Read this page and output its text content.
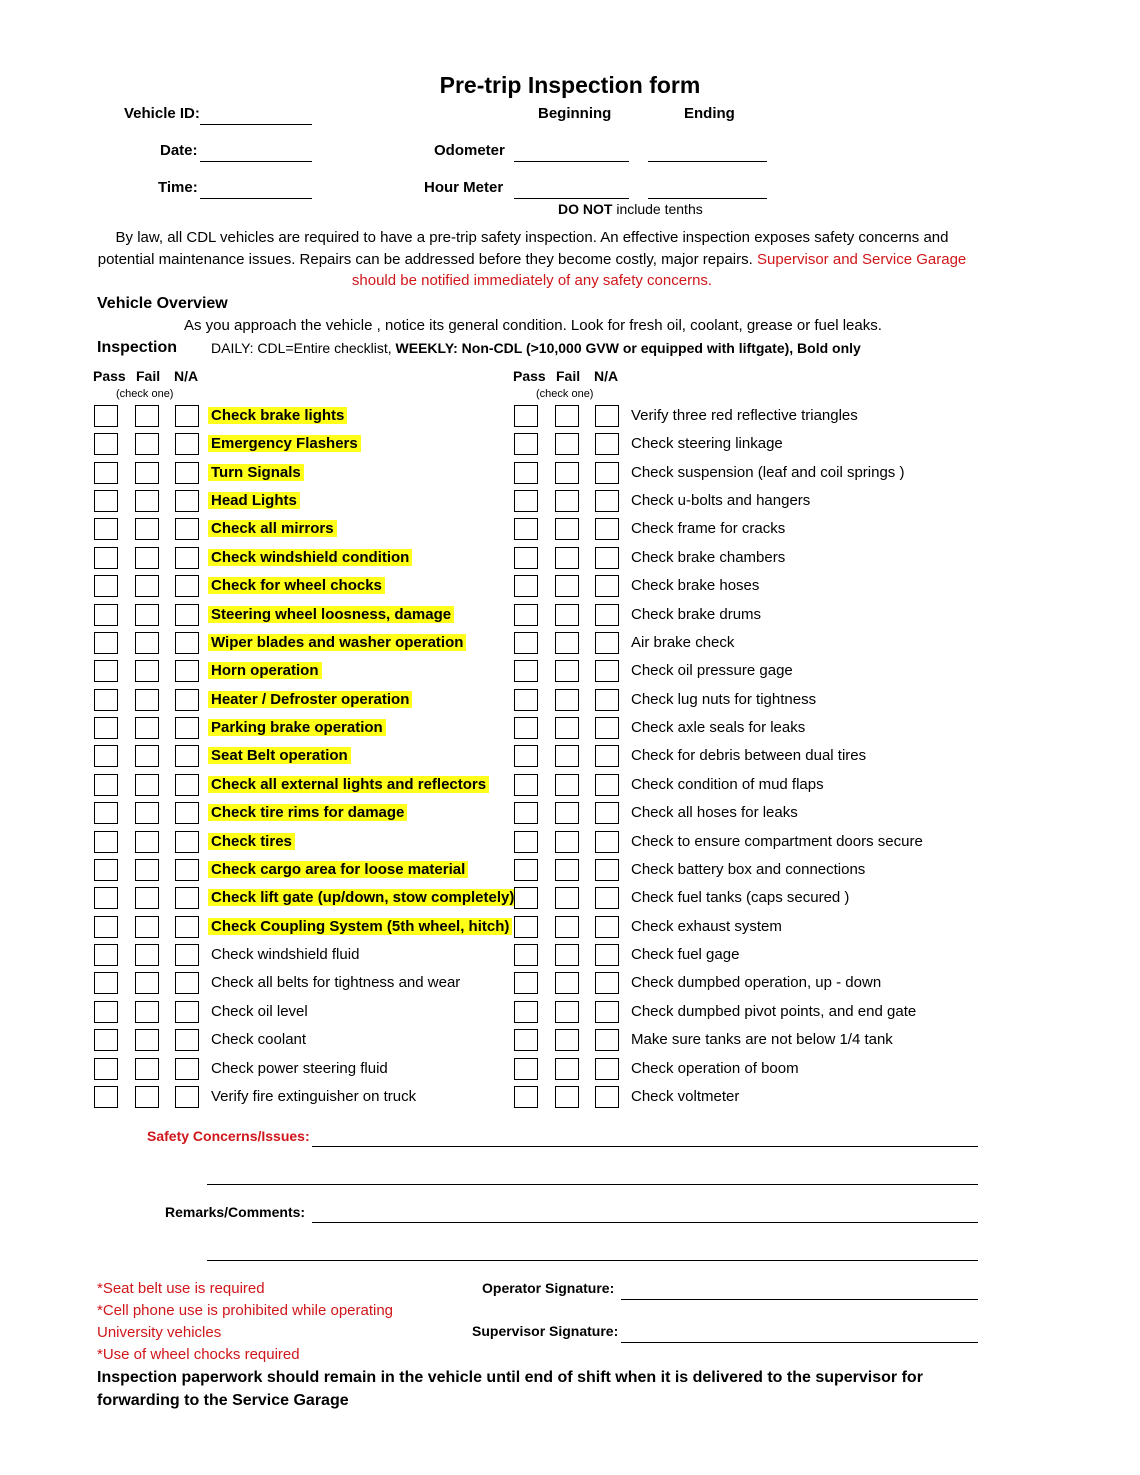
Pre-trip Inspection form
Vehicle ID:	Beginning	Ending
Date:	Odometer
Time:	Hour Meter
DO NOT include tenths
By law, all CDL vehicles are required to have a pre-trip safety inspection. An effective inspection exposes safety concerns and
potential maintenance issues. Repairs can be addressed before they become costly, major repairs. Supervisor and Service Garage
should be notified immediately of any safety concerns.
Vehicle Overview
As you approach the vehicle , notice its general condition. Look for fresh oil, coolant, grease or fuel leaks.
Inspection DAILY: CDL=Entire checklist, WEEKLY: Non-CDL (>10,000 GVW or equipped with liftgate), Bold only
Pass Fail N/A
(check one)
Pass Fail N/A
(check one)
Check brake lights
Emergency Flashers
Turn Signals
Head Lights
Check all mirrors
Check windshield condition
Check for wheel chocks
Steering wheel loosness, damage
Wiper blades and washer operation
Horn operation
Heater / Defroster operation
Parking brake operation
Seat Belt operation
Check all external lights and reflectors
Check tire rims for damage
Check tires
Check cargo area for loose material
Check lift gate (up/down, stow completely)
Check Coupling System (5th wheel, hitch)
Check windshield fluid
Check all belts for tightness and wear
Check oil level
Check coolant
Check power steering fluid
Verify fire extinguisher on truck
Verify three red reflective triangles
Check steering linkage
Check suspension (leaf and coil springs )
Check u-bolts and hangers
Check frame for cracks
Check brake chambers
Check brake hoses
Check brake drums
Air brake check
Check oil pressure gage
Check lug nuts for tightness
Check axle seals for leaks
Check for debris between dual tires
Check condition of mud flaps
Check all hoses for leaks
Check to ensure compartment doors secure
Check battery box and connections
Check fuel tanks (caps secured )
Check exhaust system
Check fuel gage
Check dumpbed operation, up - down
Check dumpbed pivot points, and end gate
Make sure tanks are not below 1/4 tank
Check operation of boom
Check voltmeter
Safety Concerns/Issues:
Remarks/Comments:
*Seat belt use is required
*Cell phone use is prohibited while operating
University vehicles
*Use of wheel chocks required
Operator Signature:
Supervisor Signature:
Inspection paperwork should remain in the vehicle until end of shift when it is delivered to the supervisor for
forwarding to the Service Garage
